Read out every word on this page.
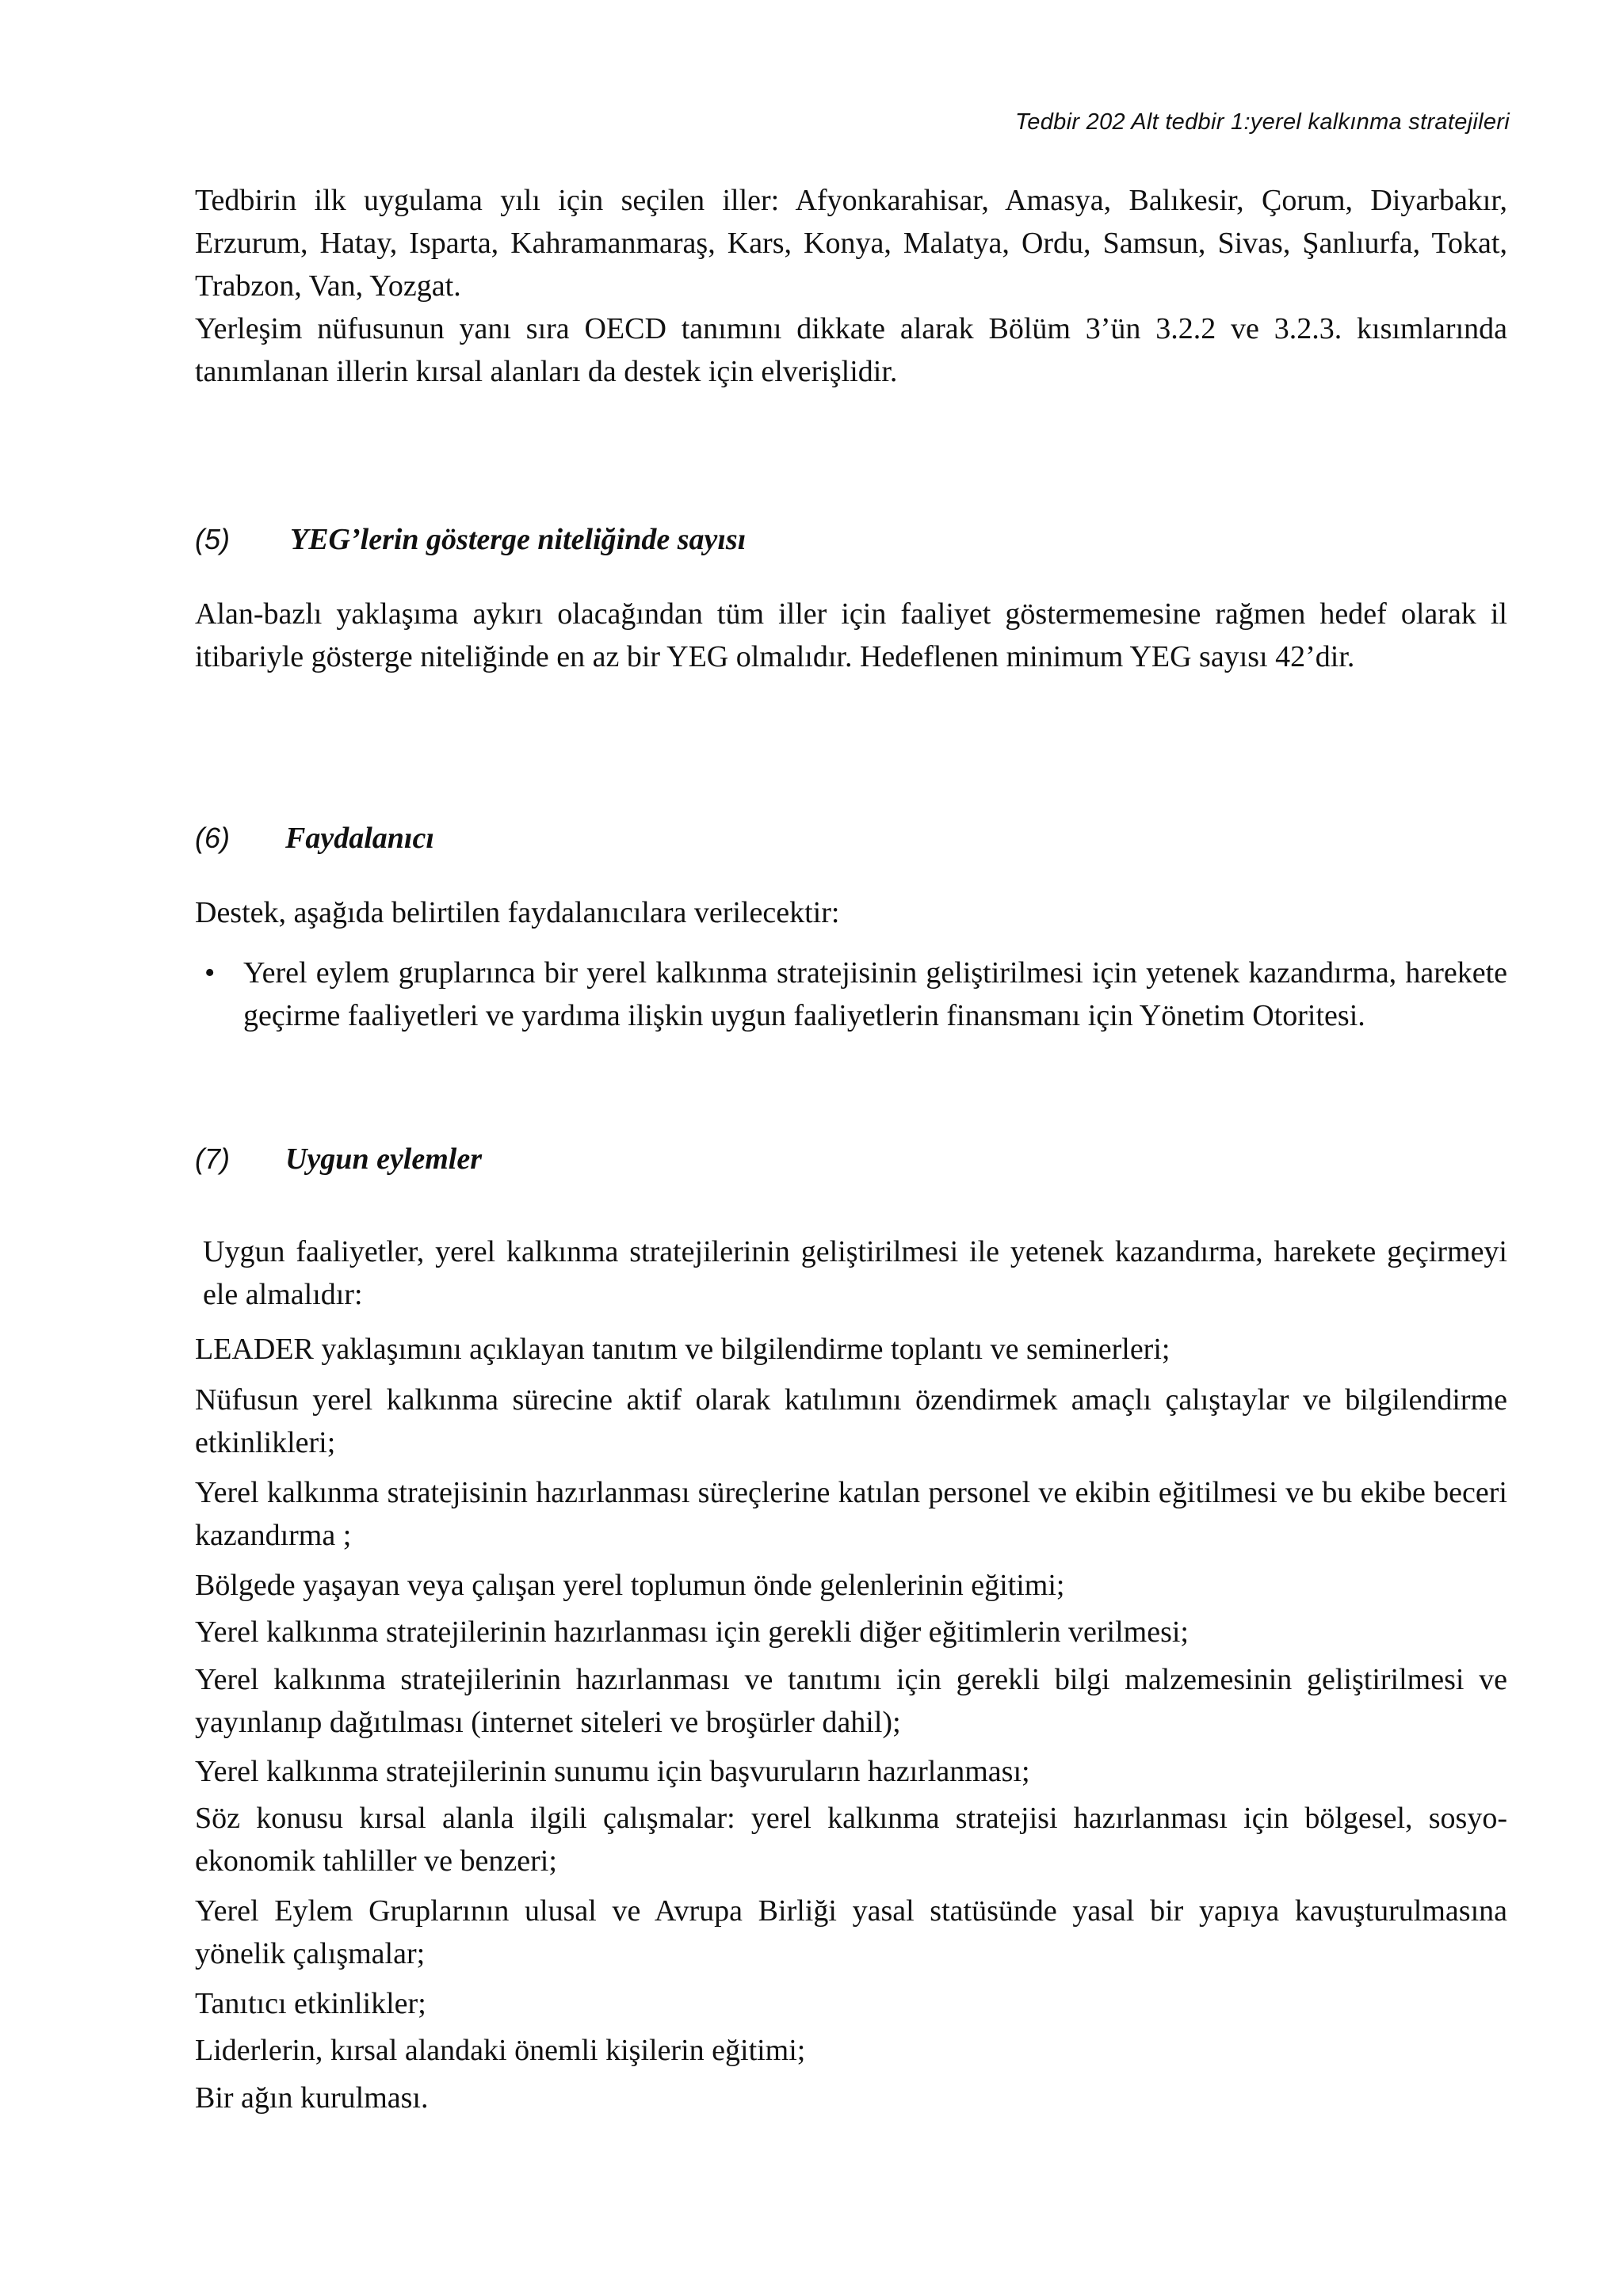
Tedbir 202 Alt tedbir 1:yerel kalkınma stratejileri

Tedbirin ilk uygulama yılı için seçilen iller: Afyonkarahisar, Amasya, Balıkesir, Çorum, Diyarbakır, Erzurum, Hatay, Isparta, Kahramanmaraş, Kars, Konya, Malatya, Ordu, Samsun, Sivas, Şanlıurfa, Tokat, Trabzon, Van, Yozgat.

Yerleşim nüfusunun yanı sıra OECD tanımını dikkate alarak Bölüm 3’ün 3.2.2 ve 3.2.3. kısımlarında tanımlanan illerin kırsal alanları da destek için elverişlidir.

(5)	YEG’lerin gösterge niteliğinde sayısı

Alan-bazlı yaklaşıma aykırı olacağından tüm iller için faaliyet göstermemesine rağmen hedef olarak il itibariyle gösterge niteliğinde en az bir YEG olmalıdır. Hedeflenen minimum YEG sayısı 42’dir.

(6)	Faydalanıcı

Destek, aşağıda belirtilen faydalanıcılara verilecektir:

• Yerel eylem gruplarınca bir yerel kalkınma stratejisinin geliştirilmesi için yetenek kazandırma, harekete geçirme faaliyetleri ve yardıma ilişkin uygun faaliyetlerin finansmanı için Yönetim Otoritesi.
(7)	Uygun eylemler

Uygun faaliyetler, yerel kalkınma stratejilerinin geliştirilmesi ile yetenek kazandırma, harekete geçirmeyi ele almalıdır:

LEADER yaklaşımını açıklayan tanıtım ve bilgilendirme toplantı ve seminerleri;

Nüfusun yerel kalkınma sürecine aktif olarak katılımını özendirmek amaçlı çalıştaylar ve bilgilendirme etkinlikleri;

Yerel kalkınma stratejisinin hazırlanması süreçlerine katılan personel ve ekibin eğitilmesi ve bu ekibe beceri kazandırma ;

Bölgede yaşayan veya çalışan yerel toplumun önde gelenlerinin eğitimi;

Yerel kalkınma stratejilerinin hazırlanması için gerekli diğer eğitimlerin verilmesi;

Yerel kalkınma stratejilerinin hazırlanması ve tanıtımı için gerekli bilgi malzemesinin geliştirilmesi ve yayınlanıp dağıtılması (internet siteleri ve broşürler dahil);

Yerel kalkınma stratejilerinin sunumu için başvuruların hazırlanması;

Söz konusu kırsal alanla ilgili çalışmalar: yerel kalkınma stratejisi hazırlanması için bölgesel, sosyo-ekonomik tahliller ve benzeri;

Yerel Eylem Gruplarının ulusal ve Avrupa Birliği yasal statüsünde yasal bir yapıya kavuşturulmasına yönelik çalışmalar;

Tanıtıcı etkinlikler;

Liderlerin, kırsal alandaki önemli kişilerin eğitimi;

Bir ağın kurulması.
